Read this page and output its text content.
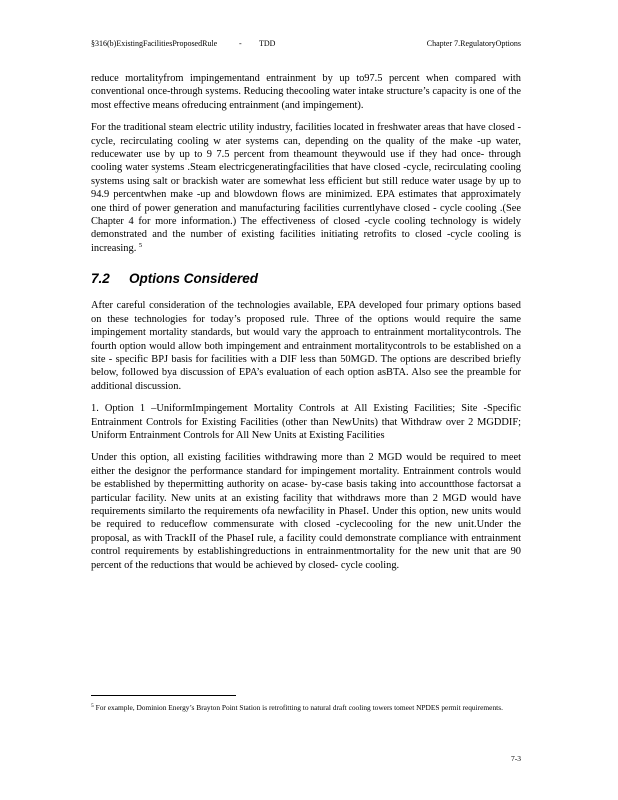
§316(b)ExistingFacilitiesProposedRule	- TDD	Chapter 7.RegulatoryOptions

reduce mortalityfrom impingementand entrainment by up to97.5 percent when compared with conventional once-through systems. Reducing thecooling water intake structure’s capacity is one of the most effective means ofreducing entrainment (and impingement).

For the traditional steam electric utility industry, facilities located in freshwater areas that have closed -cycle, recirculating cooling w ater systems can, depending on the quality of the make -up water, reducewater use by up to 9 7.5 percent from theamount theywould use if they had once- through cooling water systems .Steam electricgeneratingfacilities that have closed -cycle, recirculating cooling systems using salt or brackish water are somewhat less efficient but still reduce water usage by up to 94.9 percentwhen make -up and blowdown flows are minimized. EPA estimates that approximately one third of power generation and manufacturing facilities currentlyhave closed - cycle cooling .(See Chapter 4 for more information.) The effectiveness of closed -cycle cooling technology is widely demonstrated and the number of existing facilities initiating retrofits to closed -cycle cooling is increasing. $^5$

7.2 Options Considered

After careful consideration of the technologies available, EPA developed four primary options based on these technologies for today’s proposed rule. Three of the options would require the same impingement mortality standards, but would vary the approach to entrainment mortalitycontrols. The fourth option would allow both impingement and entrainment mortalitycontrols to be established on a site - specific BPJ basis for facilities with a DIF less than 50MGD. The options are described briefly below, followed bya discussion of EPA’s evaluation of each option asBTA. Also see the preamble for additional discussion.

1. Option 1 –UniformImpingement Mortality Controls at All Existing Facilities; Site -Specific Entrainment Controls for Existing Facilities (other than NewUnits) that Withdraw over 2 MGDDIF; Uniform Entrainment Controls for All New Units at Existing Facilities

Under this option, all existing facilities withdrawing more than 2 MGD would be required to meet either the designor the performance standard for impingement mortality. Entrainment controls would be established by thepermitting authority on acase- by-case basis taking into accountthose factorsat a particular facility. New units at an existing facility that withdraws more than 2 MGD would have requirements similarto the requirements ofa newfacility in PhaseI. Under this option, new units would be required to reduceflow commensurate with closed -cyclecooling for the new unit.Under the proposal, as with TrackII of the PhaseI rule, a facility could demonstrate compliance with entrainment control requirements by establishingreductions in entrainmentmortality for the new unit that are 90 percent of the reductions that would be achieved by closed- cycle cooling.

$^5$ For example, Dominion Energy’s Brayton Point Station is retrofitting to natural draft cooling towers tomeet NPDES permit requirements.
7-3
